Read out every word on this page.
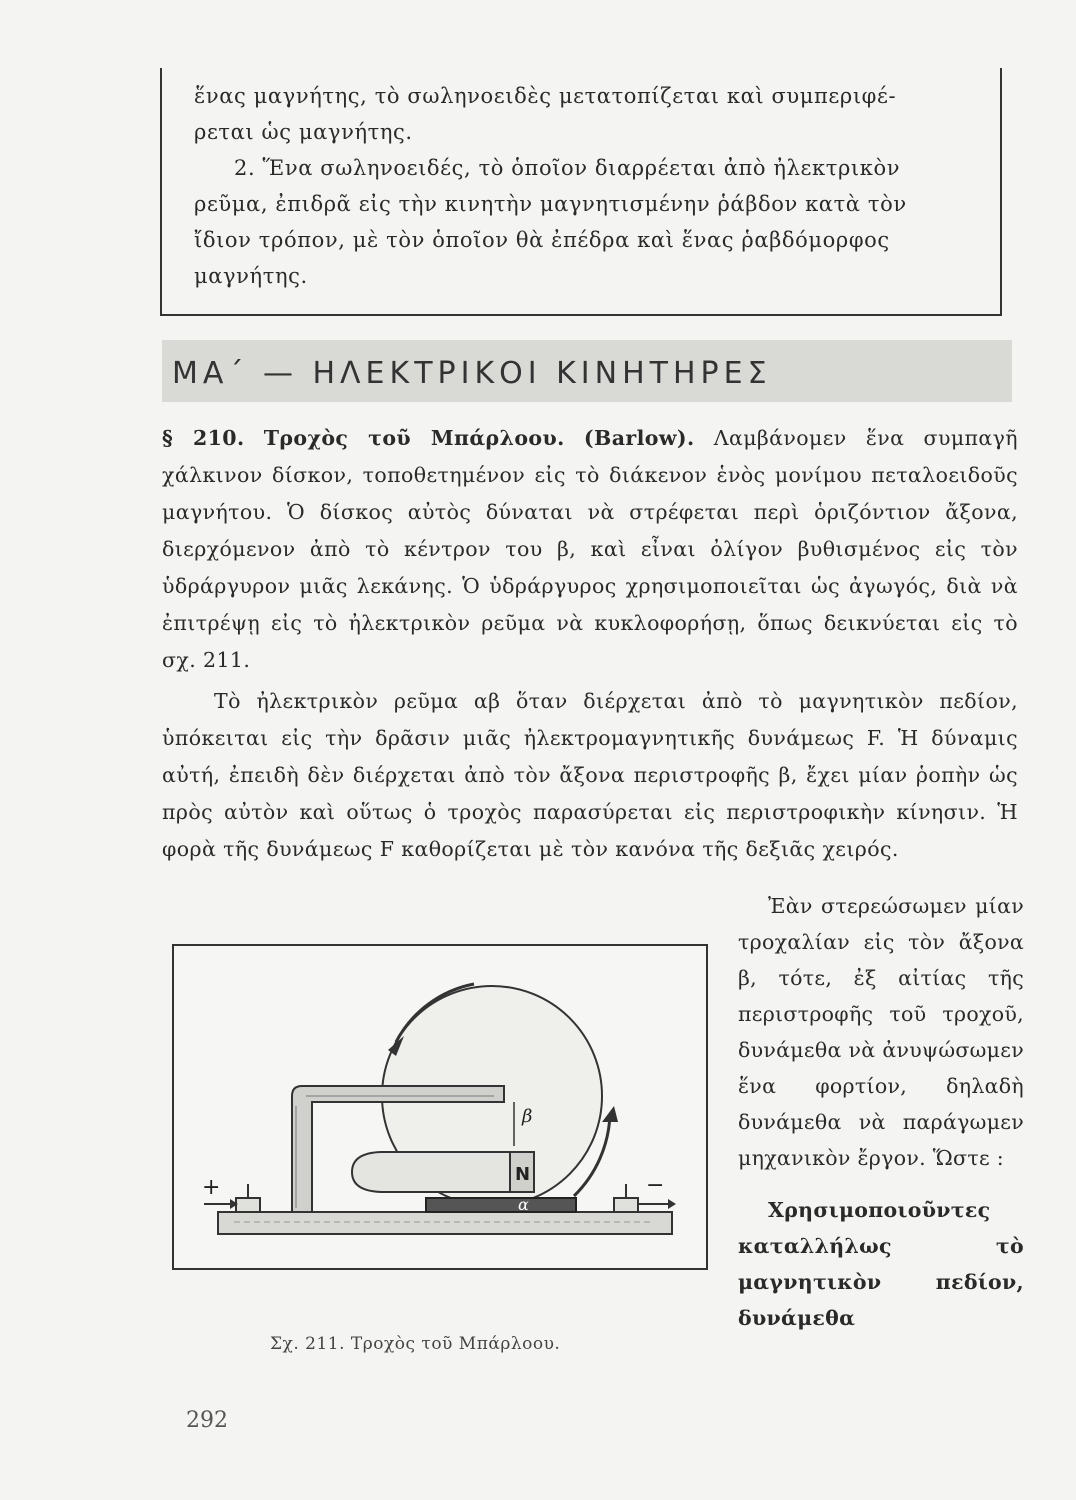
ἕνας μαγνήτης, τὸ σωληνοειδὲς μετατοπίζεται καὶ συμπεριφέ-

ρεται ὡς μαγνήτης.

2. Ἕνα σωληνοειδές, τὸ ὁποῖον διαρρέεται ἀπὸ ἠλεκτρικὸν

ρεῦμα, ἐπιδρᾶ εἰς τὴν κινητὴν μαγνητισμένην ῥάβδον κατὰ τὸν

ἴδιον τρόπον, μὲ τὸν ὁποῖον θὰ ἐπέδρα καὶ ἕνας ῥαβδόμορφος

μαγνήτης.

ΜΑ΄ — ΗΛΕΚΤΡΙΚΟΙ ΚΙΝΗΤΗΡΕΣ

§ 210. Τροχὸς τοῦ Μπάρλοου. (Barlow). Λαμβάνομεν ἕνα συμπαγῆ χάλκινον δίσκον, τοποθετημένον εἰς τὸ διάκενον ἑνὸς μονίμου πεταλοειδοῦς μαγνήτου. Ὁ δίσκος αὐτὸς δύναται νὰ στρέφεται περὶ ὁριζόντιον ἄξονα, διερχόμενον ἀπὸ τὸ κέντρον του β, καὶ εἶναι ὀλίγον βυθισμένος εἰς τὸν ὑδράργυρον μιᾶς λεκάνης. Ὁ ὑδράργυρος χρησιμοποιεῖται ὡς ἀγωγός, διὰ νὰ ἐπιτρέψῃ εἰς τὸ ἠλεκτρικὸν ρεῦμα νὰ κυκλοφορήσῃ, ὅπως δεικνύεται εἰς τὸ σχ. 211.

Τὸ ἠλεκτρικὸν ρεῦμα αβ ὅταν διέρχεται ἀπὸ τὸ μαγνητικὸν πεδίον, ὑπόκειται εἰς τὴν δρᾶσιν μιᾶς ἠλεκτρομαγνητικῆς δυνάμεως F. Ἡ δύναμις αὐτή, ἐπειδὴ δὲν διέρχεται ἀπὸ τὸν ἄξονα περιστροφῆς β, ἔχει μίαν ῥοπὴν ὡς πρὸς αὐτὸν καὶ οὕτως ὁ τροχὸς παρασύρεται εἰς περιστροφικὴν κίνησιν. Ἡ φορὰ τῆς δυνάμεως F καθορίζεται μὲ τὸν κανόνα τῆς δεξιᾶς χειρός.

N
β
α
+	−
Σχ. 211. Τροχὸς τοῦ Μπάρλοου.

Ἐὰν στερεώσωμεν μίαν τροχαλίαν εἰς τὸν ἄξονα β, τότε, ἐξ αἰτίας τῆς περιστροφῆς τοῦ τροχοῦ, δυνάμεθα νὰ ἀνυψώσωμεν ἕνα φορτίον, δηλαδὴ δυνάμεθα νὰ παράγωμεν μηχανικὸν ἔργον. Ὥστε :

Χρησιμοποιοῦντες καταλλήλως τὸ μαγνητικὸν πεδίον, δυνάμεθα

292
